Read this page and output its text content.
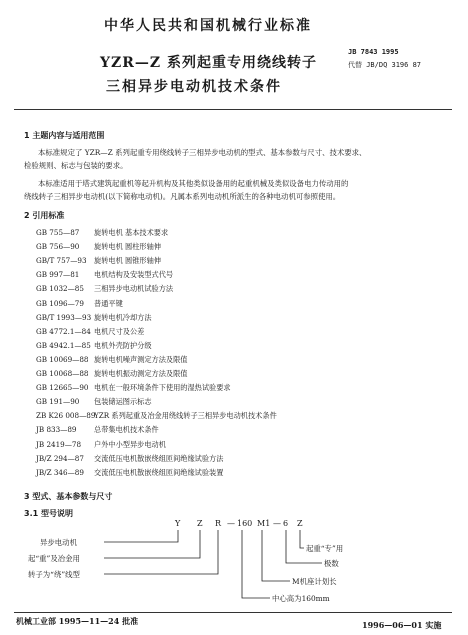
中华人民共和国机械行业标准
YZR—Z 系列起重专用绕线转子
三相异步电动机技术条件
JB 7843 1995
代替 JB/DQ 3196 87
1 主题内容与适用范围
本标准规定了 YZR—Z 系列起重专用绕线转子三相异步电动机的型式、基本参数与尺寸、技术要求、
检验规则、标志与包装的要求。
本标准适用于塔式建筑起重机等起升机构及其他类似设备用的起重机械及类似设备电力传动用的
绕线转子三相异步电动机(以下简称电动机)。凡属本系列电动机所派生的各种电动机可参照使用。
2 引用标准
GB 755—87 旋转电机 基本技术要求
GB 756—90 旋转电机 圆柱形轴伸
GB/T 757—93 旋转电机 圆锥形轴伸
GB 997—81 电机结构及安装型式代号
GB 1032—85 三相异步电动机试验方法
GB 1096—79 普通平键
GB/T 1993—93 旋转电机冷却方法
GB 4772.1—84 电机尺寸及公差
GB 4942.1—85 电机外壳防护分级
GB 10069—88 旋转电机噪声测定方法及限值
GB 10068—88 旋转电机振动测定方法及限值
GB 12665—90 电机在一般环境条件下使用的湿热试验要求
GB 191—90 包装储运图示标志
ZB K26 008—89YZR 系列起重及冶金用绕线转子三相异步电动机技术条件
JB 833—89 总带集电机技术条件
JB 2419—78 户外中小型异步电动机
JB/Z 294—87 交流低压电机散嵌绕组匝间绝缘试验方法
JB/Z 346—89 交流低压电机散嵌绕组匝间绝缘试验装置
3 型式、基本参数与尺寸
3.1 型号说明
Y Z R — 160 M1 — 6 Z
异步电动机
起“重”及冶金用
转子为“绕”线型
起重“专”用
极数
M机座计划长
中心高为160mm
机械工业部 1995—11—24 批准	1996—06—01 实施
